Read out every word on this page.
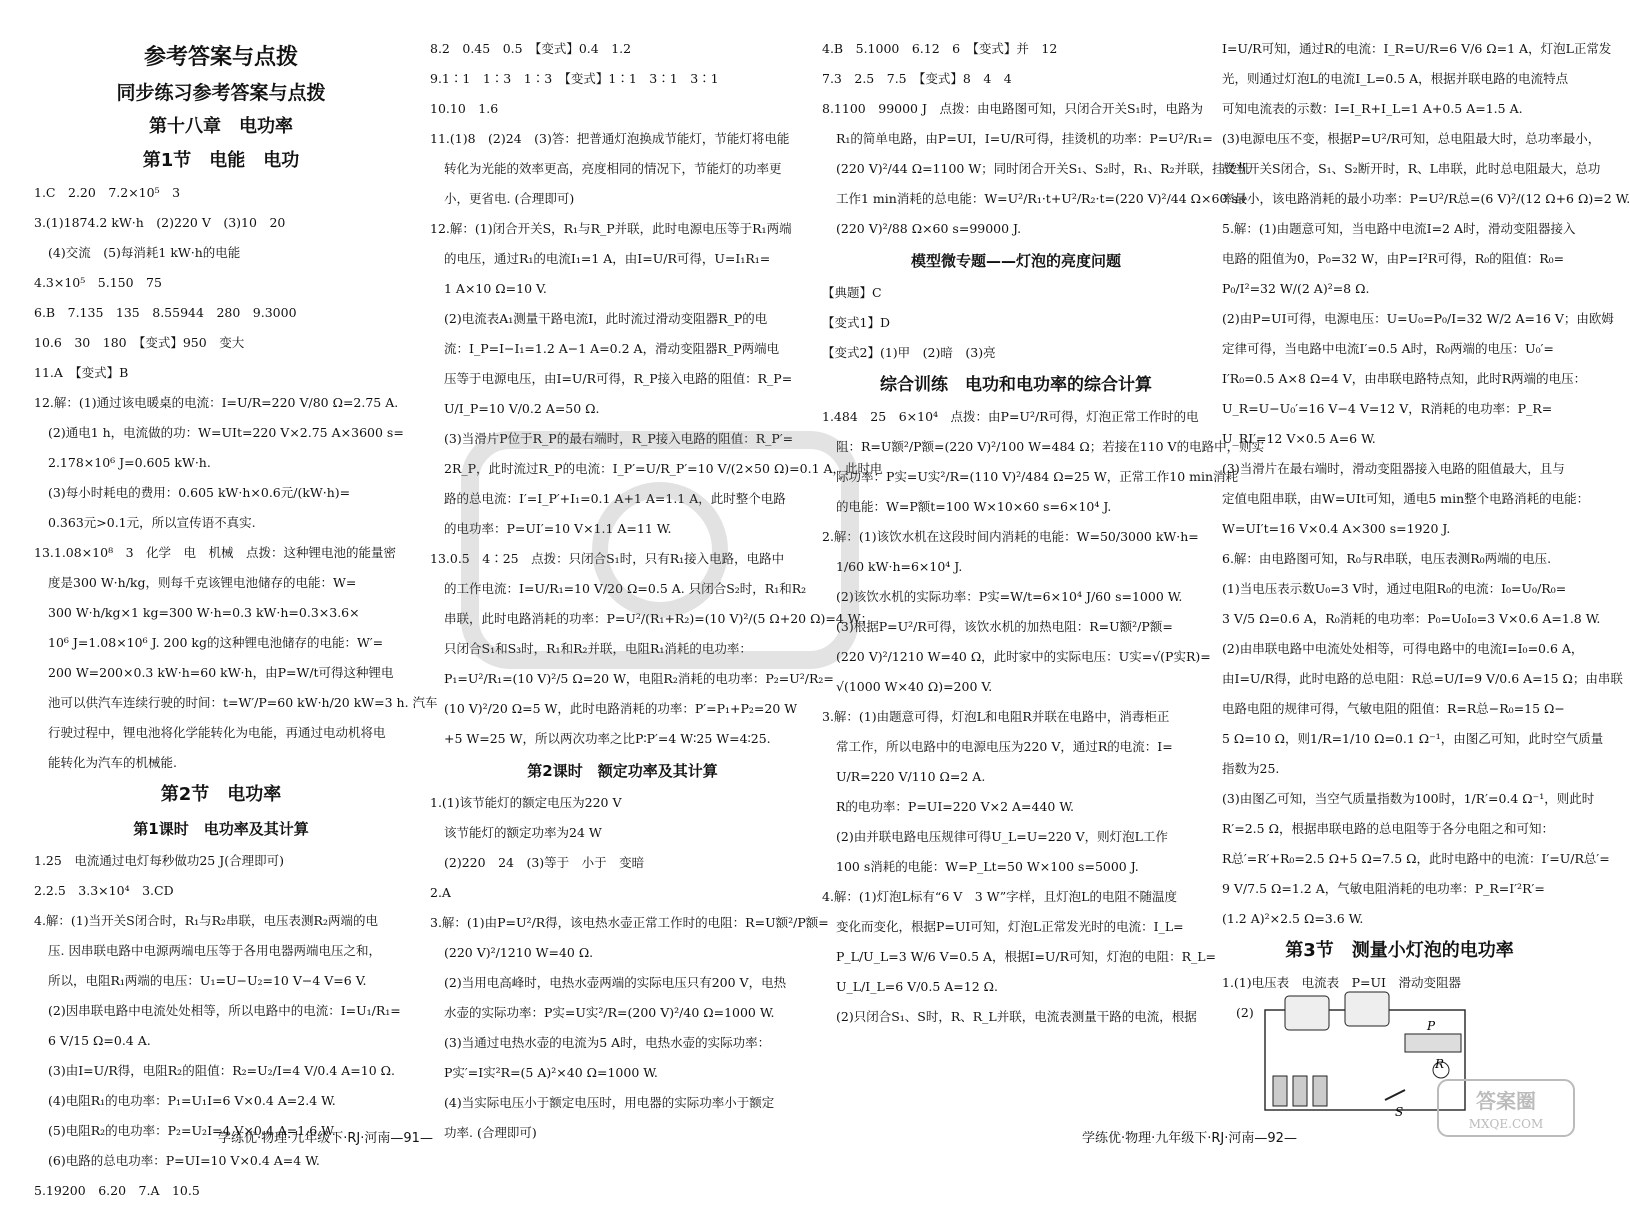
参考答案与点拨
同步练习参考答案与点拨
第十八章　电功率
第1节　电能　电功
1.C　2.20　7.2×10⁵　3
3.(1)1874.2 kW·h　(2)220 V　(3)10　20
(4)交流　(5)每消耗1 kW·h的电能
4.3×10⁵　5.150　75
6.B　7.135　135　8.55944　280　9.3000
10.6　30　180　【变式】950　变大
11.A　【变式】B
12.解：(1)通过该电暖桌的电流：I=U/R=220 V/80 Ω=2.75 A.
(2)通电1 h，电流做的功：W=UIt=220 V×2.75 A×3600 s=
2.178×10⁶ J=0.605 kW·h.
(3)每小时耗电的费用：0.605 kW·h×0.6元/(kW·h)=
0.363元>0.1元，所以宣传语不真实.
13.1.08×10⁸　3　化学　电　机械　点拨：这种锂电池的能量密
度是300 W·h/kg，则每千克该锂电池储存的电能：W=
300 W·h/kg×1 kg=300 W·h=0.3 kW·h=0.3×3.6×
10⁶ J=1.08×10⁶ J. 200 kg的这种锂电池储存的电能：W′=
200 W=200×0.3 kW·h=60 kW·h，由P=W/t可得这种锂电
池可以供汽车连续行驶的时间：t=W′/P=60 kW·h/20 kW=3 h. 汽车
行驶过程中，锂电池将化学能转化为电能，再通过电动机将电
能转化为汽车的机械能.
第2节　电功率
第1课时　电功率及其计算
1.25　电流通过电灯每秒做功25 J(合理即可)
2.2.5　3.3×10⁴　3.CD
4.解：(1)当开关S闭合时，R₁与R₂串联，电压表测R₂两端的电
压. 因串联电路中电源两端电压等于各用电器两端电压之和，
所以，电阻R₁两端的电压：U₁=U−U₂=10 V−4 V=6 V.
(2)因串联电路中电流处处相等，所以电路中的电流：I=U₁/R₁=
6 V/15 Ω=0.4 A.
(3)由I=U/R得，电阻R₂的阻值：R₂=U₂/I=4 V/0.4 A=10 Ω.
(4)电阻R₁的电功率：P₁=U₁I=6 V×0.4 A=2.4 W.
(5)电阻R₂的电功率：P₂=U₂I=4 V×0.4 A=1.6 W.
(6)电路的总电功率：P=UI=10 V×0.4 A=4 W.
5.19200　6.20　7.A　10.5
8.2　0.45　0.5　【变式】0.4　1.2
9.1∶1　1∶3　1∶3　【变式】1∶1　3∶1　3∶1
10.10　1.6
11.(1)8　(2)24　(3)答：把普通灯泡换成节能灯，节能灯将电能
转化为光能的效率更高，亮度相同的情况下，节能灯的功率更
小，更省电. (合理即可)
12.解：(1)闭合开关S，R₁与R_P并联，此时电源电压等于R₁两端
的电压，通过R₁的电流I₁=1 A，由I=U/R可得，U=I₁R₁=
1 A×10 Ω=10 V.
(2)电流表A₁测量干路电流I，此时流过滑动变阻器R_P的电
流：I_P=I−I₁=1.2 A−1 A=0.2 A，滑动变阻器R_P两端电
压等于电源电压，由I=U/R可得，R_P接入电路的阻值：R_P=
U/I_P=10 V/0.2 A=50 Ω.
(3)当滑片P位于R_P的最右端时，R_P接入电路的阻值：R_P′=
2R_P，此时流过R_P的电流：I_P′=U/R_P′=10 V/(2×50 Ω)=0.1 A，此时电
路的总电流：I′=I_P′+I₁=0.1 A+1 A=1.1 A，此时整个电路
的电功率：P=UI′=10 V×1.1 A=11 W.
13.0.5　4∶25　点拨：只闭合S₁时，只有R₁接入电路，电路中
的工作电流：I=U/R₁=10 V/20 Ω=0.5 A. 只闭合S₂时，R₁和R₂
串联，此时电路消耗的功率：P=U²/(R₁+R₂)=(10 V)²/(5 Ω+20 Ω)=4 W；
只闭合S₁和S₃时，R₁和R₂并联，电阻R₁消耗的电功率：
P₁=U²/R₁=(10 V)²/5 Ω=20 W，电阻R₂消耗的电功率：P₂=U²/R₂=
(10 V)²/20 Ω=5 W，此时电路消耗的功率：P′=P₁+P₂=20 W
+5 W=25 W，所以两次功率之比P∶P′=4 W∶25 W=4∶25.
第2课时　额定功率及其计算
1.(1)该节能灯的额定电压为220 V
该节能灯的额定功率为24 W
(2)220　24　(3)等于　小于　变暗
2.A
3.解：(1)由P=U²/R得，该电热水壶正常工作时的电阻：R=U额²/P额=
(220 V)²/1210 W=40 Ω.
(2)当用电高峰时，电热水壶两端的实际电压只有200 V，电热
水壶的实际功率：P实=U实²/R=(200 V)²/40 Ω=1000 W.
(3)当通过电热水壶的电流为5 A时，电热水壶的实际功率：
P实′=I实²R=(5 A)²×40 Ω=1000 W.
(4)当实际电压小于额定电压时，用电器的实际功率小于额定
功率. (合理即可)
4.B　5.1000　6.12　6　【变式】并　12
7.3　2.5　7.5　【变式】8　4　4
8.1100　99000 J　点拨：由电路图可知，只闭合开关S₁时，电路为
R₁的简单电路，由P=UI，I=U/R可得，挂烫机的功率：P=U²/R₁=
(220 V)²/44 Ω=1100 W；同时闭合开关S₁、S₂时，R₁、R₂并联，挂烫机
工作1 min消耗的总电能：W=U²/R₁·t+U²/R₂·t=(220 V)²/44 Ω×60 s+
(220 V)²/88 Ω×60 s=99000 J.
模型微专题——灯泡的亮度问题
【典题】C
【变式1】D
【变式2】(1)甲　(2)暗　(3)亮
综合训练　电功和电功率的综合计算
1.484　25　6×10⁴　点拨：由P=U²/R可得，灯泡正常工作时的电
阻：R=U额²/P额=(220 V)²/100 W=484 Ω；若接在110 V的电路中，则实
际功率：P实=U实²/R=(110 V)²/484 Ω=25 W，正常工作10 min消耗
的电能：W=P额t=100 W×10×60 s=6×10⁴ J.
2.解：(1)该饮水机在这段时间内消耗的电能：W=50/3000 kW·h=
1/60 kW·h=6×10⁴ J.
(2)该饮水机的实际功率：P实=W/t=6×10⁴ J/60 s=1000 W.
(3)根据P=U²/R可得，该饮水机的加热电阻：R=U额²/P额=
(220 V)²/1210 W=40 Ω，此时家中的实际电压：U实=√(P实R)=
√(1000 W×40 Ω)=200 V.
3.解：(1)由题意可得，灯泡L和电阻R并联在电路中，消毒柜正
常工作，所以电路中的电源电压为220 V，通过R的电流：I=
U/R=220 V/110 Ω=2 A.
R的电功率：P=UI=220 V×2 A=440 W.
(2)由并联电路电压规律可得U_L=U=220 V，则灯泡L工作
100 s消耗的电能：W=P_Lt=50 W×100 s=5000 J.
4.解：(1)灯泡L标有“6 V　3 W”字样，且灯泡L的电阻不随温度
变化而变化，根据P=UI可知，灯泡L正常发光时的电流：I_L=
P_L/U_L=3 W/6 V=0.5 A，根据I=U/R可知，灯泡的电阻：R_L=
U_L/I_L=6 V/0.5 A=12 Ω.
(2)只闭合S₁、S时，R、R_L并联，电流表测量干路的电流，根据
I=U/R可知，通过R的电流：I_R=U/R=6 V/6 Ω=1 A，灯泡L正常发
光，则通过灯泡L的电流I_L=0.5 A，根据并联电路的电流特点
可知电流表的示数：I=I_R+I_L=1 A+0.5 A=1.5 A.
(3)电源电压不变，根据P=U²/R可知，总电阻最大时，总功率最小，
故当开关S闭合，S₁、S₂断开时，R、L串联，此时总电阻最大，总功
率最小，该电路消耗的最小功率：P=U²/R总=(6 V)²/(12 Ω+6 Ω)=2 W.
5.解：(1)由题意可知，当电路中电流I=2 A时，滑动变阻器接入
电路的阻值为0，P₀=32 W，由P=I²R可得，R₀的阻值：R₀=
P₀/I²=32 W/(2 A)²=8 Ω.
(2)由P=UI可得，电源电压：U=U₀=P₀/I=32 W/2 A=16 V；由欧姆
定律可得，当电路中电流I′=0.5 A时，R₀两端的电压：U₀′=
I′R₀=0.5 A×8 Ω=4 V，由串联电路特点知，此时R两端的电压：
U_R=U−U₀′=16 V−4 V=12 V，R消耗的电功率：P_R=
U_RI′=12 V×0.5 A=6 W.
(3)当滑片在最右端时，滑动变阻器接入电路的阻值最大，且与
定值电阻串联，由W=UIt可知，通电5 min整个电路消耗的电能：
W=UI′t=16 V×0.4 A×300 s=1920 J.
6.解：由电路图可知，R₀与R串联，电压表测R₀两端的电压.
(1)当电压表示数U₀=3 V时，通过电阻R₀的电流：I₀=U₀/R₀=
3 V/5 Ω=0.6 A，R₀消耗的电功率：P₀=U₀I₀=3 V×0.6 A=1.8 W.
(2)由串联电路中电流处处相等，可得电路中的电流I=I₀=0.6 A，
由I=U/R得，此时电路的总电阻：R总=U/I=9 V/0.6 A=15 Ω；由串联
电路电阻的规律可得，气敏电阻的阻值：R=R总−R₀=15 Ω−
5 Ω=10 Ω，则1/R=1/10 Ω=0.1 Ω⁻¹，由图乙可知，此时空气质量
指数为25.
(3)由图乙可知，当空气质量指数为100时，1/R′=0.4 Ω⁻¹，则此时
R′=2.5 Ω，根据串联电路的总电阻等于各分电阻之和可知：
R总′=R′+R₀=2.5 Ω+5 Ω=7.5 Ω，此时电路中的电流：I′=U/R总′=
9 V/7.5 Ω=1.2 A，气敏电阻消耗的电功率：P_R=I′²R′=
(1.2 A)²×2.5 Ω=3.6 W.
第3节　测量小灯泡的电功率
1.(1)电压表　电流表　P=UI　滑动变阻器
(2)
P
R
S	答案圈
MXQE.COM
学练优·物理·九年级下·RJ·河南—91—	学练优·物理·九年级下·RJ·河南—92—
